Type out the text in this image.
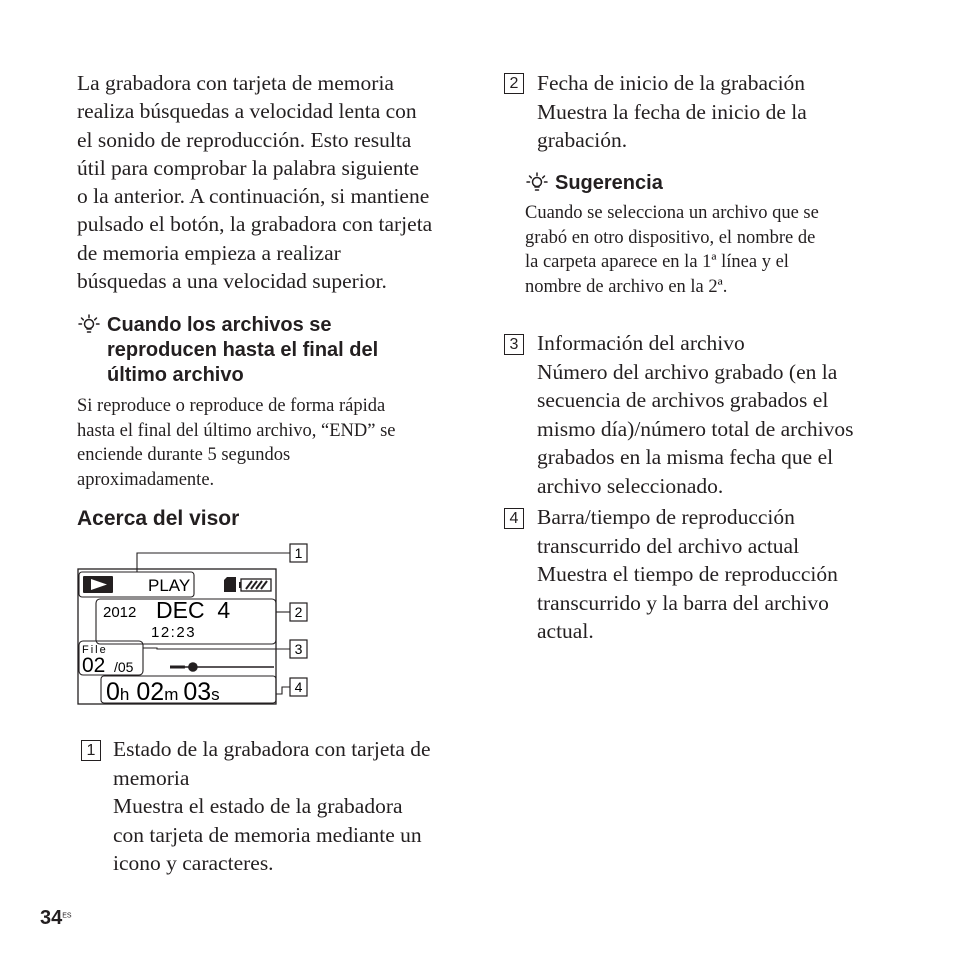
La grabadora con tarjeta de memoria
realiza búsquedas a velocidad lenta con
el sonido de reproducción. Esto resulta
útil para comprobar la palabra siguiente
o la anterior. A continuación, si mantiene
pulsado el botón, la grabadora con tarjeta
de memoria empieza a realizar
búsquedas a una velocidad superior.
Cuando los archivos se
reproducen hasta el final del
último archivo
Si reproduce o reproduce de forma rápida
hasta el final del último archivo, “END” se
enciende durante 5 segundos
aproximadamente.
Acerca del visor
PLAY
2012 DEC  4
12:23
File
02 /05
0h 02m 03s
1
2
3
4
1 Estado de la grabadora con tarjeta de
memoria
Muestra el estado de la grabadora
con tarjeta de memoria mediante un
icono y caracteres.
2 Fecha de inicio de la grabación
Muestra la fecha de inicio de la
grabación.
Sugerencia
Cuando se selecciona un archivo que se
grabó en otro dispositivo, el nombre de
la carpeta aparece en la 1ª línea y el
nombre de archivo en la 2ª.
3 Información del archivo
Número del archivo grabado (en la
secuencia de archivos grabados el
mismo día)/número total de archivos
grabados en la misma fecha que el
archivo seleccionado.
4 Barra/tiempo de reproducción
transcurrido del archivo actual
Muestra el tiempo de reproducción
transcurrido y la barra del archivo
actual.
$34^{ES}$
